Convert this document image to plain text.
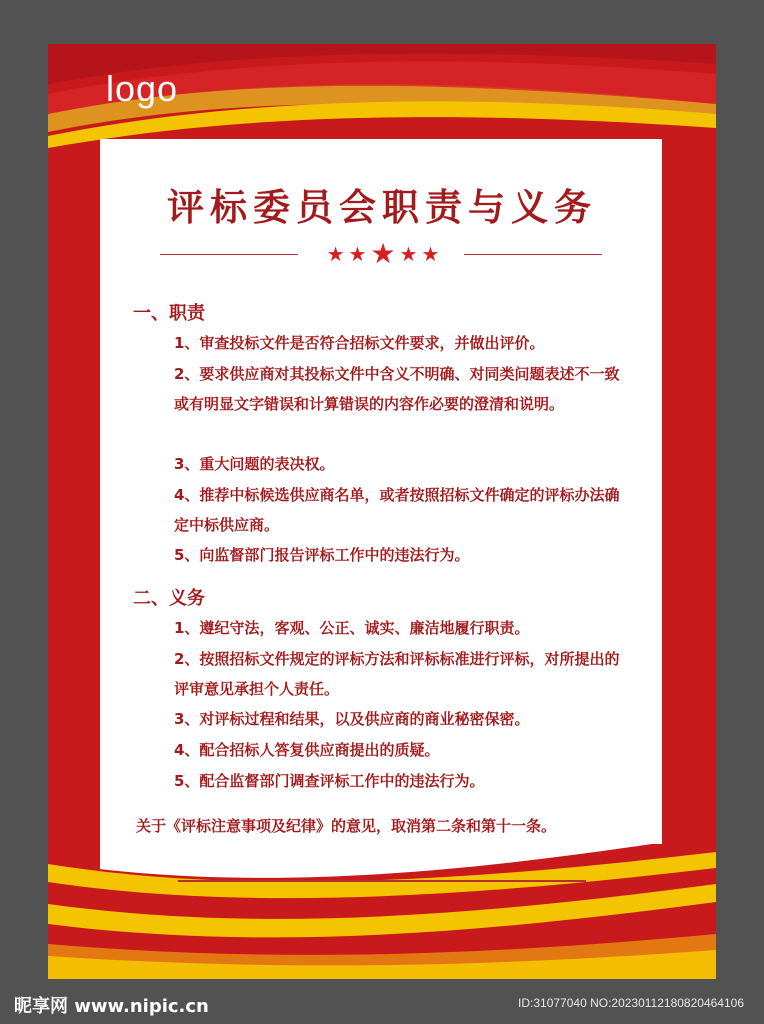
logo
评标委员会职责与义务
★ ★ ★ ★ ★
一、职责
1、审查投标文件是否符合招标文件要求，并做出评价。
2、要求供应商对其投标文件中含义不明确、对同类问题表述不一致或有明显文字错误和计算错误的内容作必要的澄清和说明。
3、重大问题的表决权。
4、推荐中标候选供应商名单，或者按照招标文件确定的评标办法确定中标供应商。
5、向监督部门报告评标工作中的违法行为。
二、义务
1、遵纪守法，客观、公正、诚实、廉洁地履行职责。
2、按照招标文件规定的评标方法和评标标准进行评标，对所提出的评审意见承担个人责任。
3、对评标过程和结果，以及供应商的商业秘密保密。
4、配合招标人答复供应商提出的质疑。
5、配合监督部门调查评标工作中的违法行为。
关于《评标注意事项及纪律》的意见，取消第二条和第十一条。
昵享网 www.nipic.cn	ID:31077040 NO:20230112180820464106
